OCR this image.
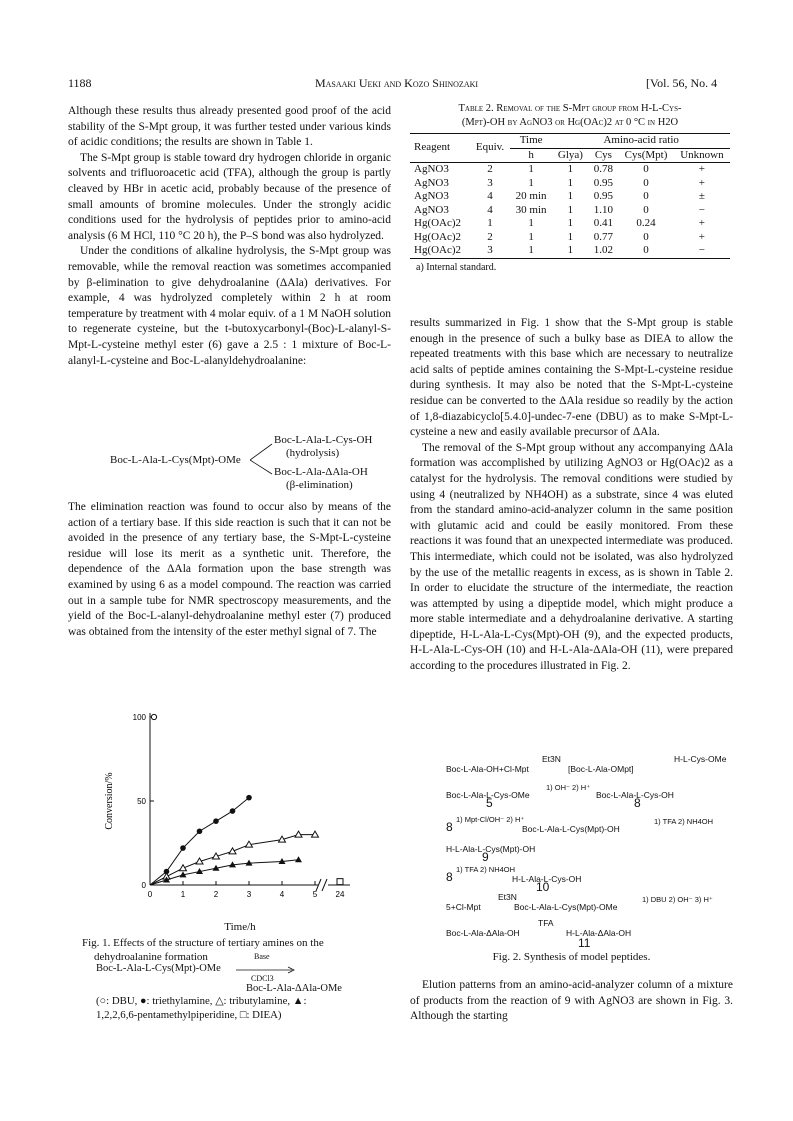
1188	Masaaki Ueki and Kozo Shinozaki	[Vol. 56, No. 4

Although these results thus already presented good proof of the acid stability of the S-Mpt group, it was further tested under various kinds of acidic conditions; the results are shown in Table 1.

The S-Mpt group is stable toward dry hydrogen chloride in organic solvents and trifluoroacetic acid (TFA), although the group is partly cleaved by HBr in acetic acid, probably because of the presence of small amounts of bromine molecules. Under the strongly acidic conditions used for the hydrolysis of peptides prior to amino-acid analysis (6 M HCl, 110 °C 20 h), the P–S bond was also hydrolyzed.

Under the conditions of alkaline hydrolysis, the S-Mpt group was removable, while the removal reaction was sometimes accompanied by β-elimination to give dehydroalanine (ΔAla) derivatives. For example, 4 was hydrolyzed completely within 2 h at room temperature by treatment with 4 molar equiv. of a 1 M NaOH solution to regenerate cysteine, but the t-butoxycarbonyl-(Boc)-L-alanyl-S-Mpt-L-cysteine methyl ester (6) gave a 2.5 : 1 mixture of Boc-L-alanyl-L-cysteine and Boc-L-alanyldehydroalanine:

Boc-L-Ala-L-Cys(Mpt)-OMe
Boc-L-Ala-L-Cys-OH
(hydrolysis)
Boc-L-Ala-ΔAla-OH
(β-elimination)

The elimination reaction was found to occur also by means of the action of a tertiary base. If this side reaction is such that it can not be avoided in the presence of any tertiary base, the S-Mpt-L-cysteine residue will lose its merit as a synthetic unit. Therefore, the dependence of the ΔAla formation upon the base strength was examined by using 6 as a model compound. The reaction was carried out in a sample tube for NMR spectroscopy measurements, and the yield of the Boc-L-alanyl-dehydroalanine methyl ester (7) produced was obtained from the intensity of the ester methyl signal of 7. The

0	1	2	3	4	5 24
0
50
100
Conversion/%
Time/h
Fig. 1. Effects of the structure of tertiary amines on the
dehydroalanine formation
Boc-L-Ala-L-Cys(Mpt)-OMe
Base
CDCl3
Boc-L-Ala-ΔAla-OMe
(○: DBU, ●: triethylamine, △: tributylamine, ▲:
1,2,2,6,6-pentamethylpiperidine, □: DIEA)
Table 2. Removal of the S-Mpt group from H-L-Cys-
(Mpt)-OH by AgNO3 or Hg(OAc)2 at 0 °C in H2O
Reagent	Equiv.	Time	Amino-acid ratio			
		h	Glya)	Cys	Cys(Mpt)	Unknown

AgNO3	2	1	1	0.78	0	+
AgNO3	3	1	1	0.95	0	+
AgNO3	4	20 min	1	0.95	0	±
AgNO3	4	30 min	1	1.10	0	−
Hg(OAc)2	1	1	1	0.41	0.24	+
Hg(OAc)2	2	1	1	0.77	0	+
Hg(OAc)2	3	1	1	1.02	0	−

a) Internal standard.

results summarized in Fig. 1 show that the S-Mpt group is stable enough in the presence of such a bulky base as DIEA to allow the repeated treatments with this base which are necessary to neutralize acid salts of peptide amines containing the S-Mpt-L-cysteine residue during synthesis. It may also be noted that the S-Mpt-L-cysteine residue can be converted to the ΔAla residue so readily by the action of 1,8-diazabicyclo[5.4.0]-undec-7-ene (DBU) as to make S-Mpt-L-cysteine a new and easily available precursor of ΔAla.

The removal of the S-Mpt group without any accompanying ΔAla formation was accomplished by utilizing AgNO3 or Hg(OAc)2 as a catalyst for the hydrolysis. The removal conditions were studied by using 4 (neutralized by NH4OH) as a substrate, since 4 was eluted from the standard amino-acid-analyzer column in the same position with glutamic acid and could be easily monitored. From these reactions it was found that an unexpected intermediate was produced. This intermediate, which could not be isolated, was also hydrolyzed by the use of the metallic reagents in excess, as is shown in Table 2. In order to elucidate the structure of the intermediate, the reaction was attempted by using a dipeptide model, which might produce a more stable intermediate and a dehydroalanine derivative. A starting dipeptide, H-L-Ala-L-Cys(Mpt)-OH (9), and the expected products, H-L-Ala-L-Cys-OH (10) and H-L-Ala-ΔAla-OH (11), were prepared according to the procedures illustrated in Fig. 2.

Boc-L-Ala-OH+Cl-Mpt
Et3N
[Boc-L-Ala-OMpt]
H-L-Cys-OMe
Boc-L-Ala-L-Cys-OMe
5
1) OH⁻ 2) H⁺
Boc-L-Ala-L-Cys-OH
8
8
1) Mpt-Cl/OH⁻ 2) H⁺
Boc-L-Ala-L-Cys(Mpt)-OH
1) TFA 2) NH4OH
H-L-Ala-L-Cys(Mpt)-OH
9
8
1) TFA 2) NH4OH
H-L-Ala-L-Cys-OH
10
5+Cl-Mpt
Et3N
Boc-L-Ala-L-Cys(Mpt)-OMe
1) DBU 2) OH⁻ 3) H⁺
Boc-L-Ala-ΔAla-OH
TFA
H-L-Ala-ΔAla-OH
11
Fig. 2. Synthesis of model peptides.

Elution patterns from an amino-acid-analyzer column of a mixture of products from the reaction of 9 with AgNO3 are shown in Fig. 3. Although the starting
